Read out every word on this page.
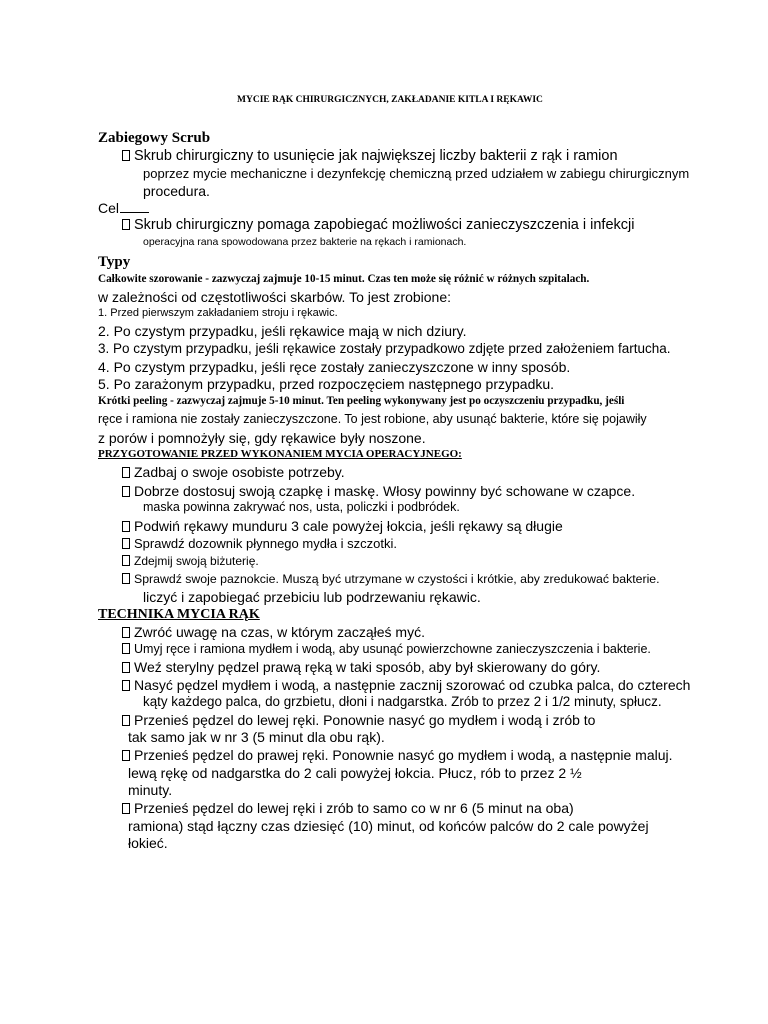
MYCIE RĄK CHIRURGICZNYCH, ZAKŁADANIE KITLA I RĘKAWIC
Zabiegowy Scrub
Skrub chirurgiczny to usunięcie jak największej liczby bakterii z rąk i ramion
poprzez mycie mechaniczne i dezynfekcję chemiczną przed udziałem w zabiegu chirurgicznym
procedura.
Cel
Skrub chirurgiczny pomaga zapobiegać możliwości zanieczyszczenia i infekcji
operacyjna rana spowodowana przez bakterie na rękach i ramionach.
Typy
Całkowite szorowanie - zazwyczaj zajmuje 10-15 minut. Czas ten może się różnić w różnych szpitalach.
w zależności od częstotliwości skarbów. To jest zrobione:
1. Przed pierwszym zakładaniem stroju i rękawic.
2. Po czystym przypadku, jeśli rękawice mają w nich dziury.
3. Po czystym przypadku, jeśli rękawice zostały przypadkowo zdjęte przed założeniem fartucha.
4. Po czystym przypadku, jeśli ręce zostały zanieczyszczone w inny sposób.
5. Po zarażonym przypadku, przed rozpoczęciem następnego przypadku.
Krótki peeling - zazwyczaj zajmuje 5-10 minut. Ten peeling wykonywany jest po oczyszczeniu przypadku, jeśli
ręce i ramiona nie zostały zanieczyszczone. To jest robione, aby usunąć bakterie, które się pojawiły
z porów i pomnożyły się, gdy rękawice były noszone.
PRZYGOTOWANIE PRZED WYKONANIEM MYCIA OPERACYJNEGO:
Zadbaj o swoje osobiste potrzeby.
Dobrze dostosuj swoją czapkę i maskę. Włosy powinny być schowane w czapce.
maska powinna zakrywać nos, usta, policzki i podbródek.
Podwiń rękawy munduru 3 cale powyżej łokcia, jeśli rękawy są długie
Sprawdź dozownik płynnego mydła i szczotki.
Zdejmij swoją biżuterię.
Sprawdź swoje paznokcie. Muszą być utrzymane w czystości i krótkie, aby zredukować bakterie.
liczyć i zapobiegać przebiciu lub podrzewaniu rękawic.
TECHNIKA MYCIA RĄK
Zwróć uwagę na czas, w którym zacząłeś myć.
Umyj ręce i ramiona mydłem i wodą, aby usunąć powierzchowne zanieczyszczenia i bakterie.
Weź sterylny pędzel prawą ręką w taki sposób, aby był skierowany do góry.
Nasyć pędzel mydłem i wodą, a następnie zacznij szorować od czubka palca, do czterech
kąty każdego palca, do grzbietu, dłoni i nadgarstka. Zrób to przez 2 i 1/2 minuty, spłucz.
Przenieś pędzel do lewej ręki. Ponownie nasyć go mydłem i wodą i zrób to
tak samo jak w nr 3 (5 minut dla obu rąk).
Przenieś pędzel do prawej ręki. Ponownie nasyć go mydłem i wodą, a następnie maluj.
lewą rękę od nadgarstka do 2 cali powyżej łokcia. Płucz, rób to przez 2 ½
minuty.
Przenieś pędzel do lewej ręki i zrób to samo co w nr 6 (5 minut na oba)
ramiona) stąd łączny czas dziesięć (10) minut, od końców palców do 2 cale powyżej
łokieć.
